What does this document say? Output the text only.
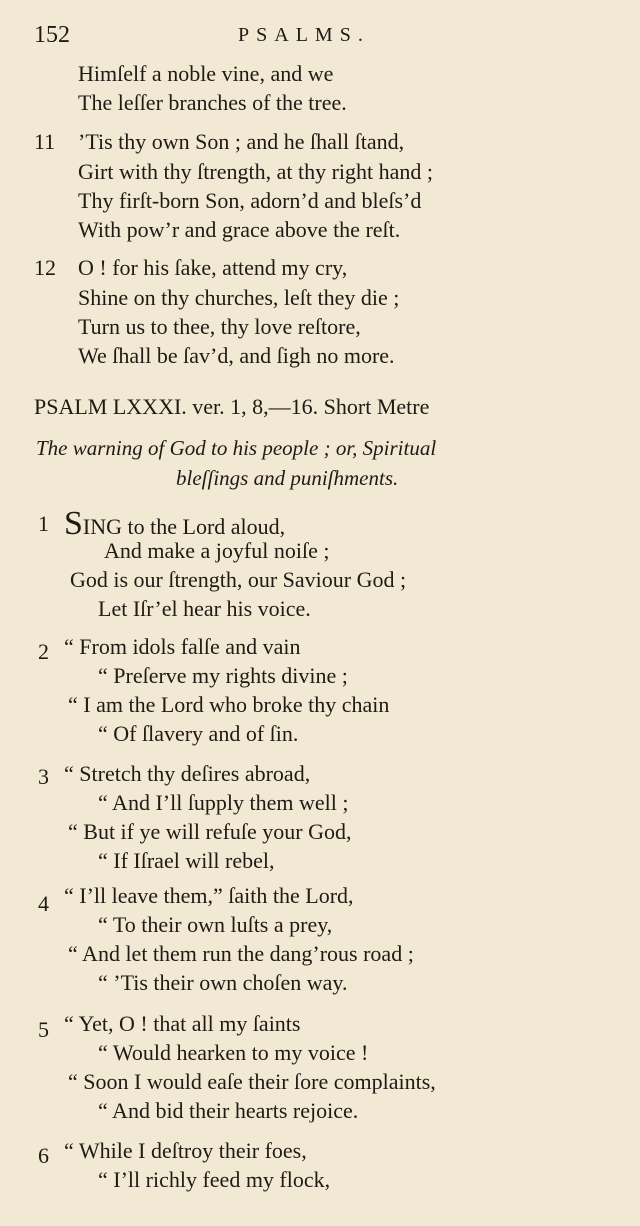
152	PSALMS.
Himſelf a noble vine, and we
The leſſer branches of the tree.
11 ’Tis thy own Son ; and he ſhall ſtand,
Girt with thy ſtrength, at thy right hand ;
Thy firſt-born Son, adorn’d and bleſs’d
With pow’r and grace above the reſt.
12 O ! for his ſake, attend my cry,
Shine on thy churches, leſt they die ;
Turn us to thee, thy love reſtore,
We ſhall be ſav’d, and ſigh no more.
PSALM LXXXI. ver. 1, 8,—16. Short Metre
The warning of God to his people ; or, Spiritual
bleſſings and puniſhments.
1 SING to the Lord aloud,
And make a joyful noiſe ;
God is our ſtrength, our Saviour God ;
Let Iſr’el hear his voice.
2 “ From idols falſe and vain
“ Preſerve my rights divine ;
“ I am the Lord who broke thy chain
“ Of ſlavery and of ſin.
3 “ Stretch thy deſires abroad,
“ And I’ll ſupply them well ;
“ But if ye will refuſe your God,
“ If Iſrael will rebel,
4 “ I’ll leave them,” ſaith the Lord,
“ To their own luſts a prey,
“ And let them run the dang’rous road ;
“ ’Tis their own choſen way.
5 “ Yet, O ! that all my ſaints
“ Would hearken to my voice !
“ Soon I would eaſe their ſore complaints,
“ And bid their hearts rejoice.
6 “ While I deſtroy their foes,
“ I’ll richly feed my flock,
